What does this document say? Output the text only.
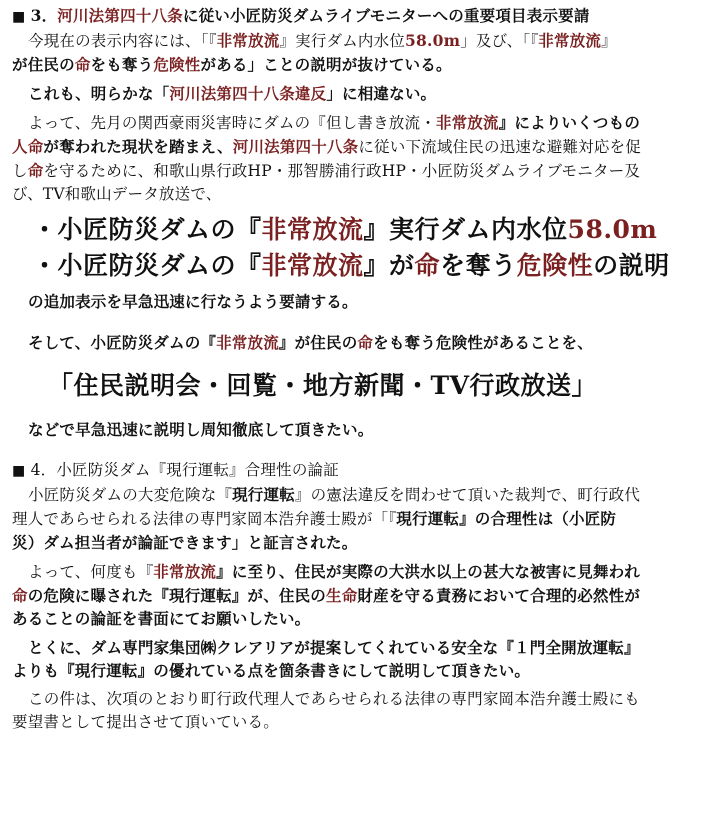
■ 3．河川法第四十八条に従い小匠防災ダムライブモニターへの重要項目表示要請
今現在の表示内容には、「『非常放流』実行ダム内水位58.0m」及び、「『非常放流』
が住民の命をも奪う危険性がある」ことの説明が抜けている。
これも、明らかな「河川法第四十八条違反」に相違ない。
よって、先月の関西豪雨災害時にダムの『但し書き放流・非常放流』によりいくつもの
人命が奪われた現状を踏まえ、河川法第四十八条に従い下流域住民の迅速な避難対応を促
し命を守るために、和歌山県行政HP・那智勝浦行政HP・小匠防災ダムライブモニター及
び、TV和歌山データ放送で、
・小匠防災ダムの『非常放流』実行ダム内水位58.0m
・小匠防災ダムの『非常放流』が命を奪う危険性の説明
の追加表示を早急迅速に行なうよう要請する。
そして、小匠防災ダムの『非常放流』が住民の命をも奪う危険性があることを、
「住民説明会・回覧・地方新聞・TV行政放送」
などで早急迅速に説明し周知徹底して頂きたい。
■ 4．小匠防災ダム『現行運転』合理性の論証
小匠防災ダムの大変危険な『現行運転』の憲法違反を問わせて頂いた裁判で、町行政代
理人であらせられる法律の専門家岡本浩弁護士殿が「『現行運転』の合理性は（小匠防
災）ダム担当者が論証できます」と証言された。
よって、何度も『非常放流』に至り、住民が実際の大洪水以上の甚大な被害に見舞われ
命の危険に曝された『現行運転』が、住民の生命財産を守る責務において合理的必然性が
あることの論証を書面にてお願いしたい。
とくに、ダム専門家集団㈱クレアリアが提案してくれている安全な『１門全開放運転』
よりも『現行運転』の優れている点を箇条書きにして説明して頂きたい。
この件は、次項のとおり町行政代理人であらせられる法律の専門家岡本浩弁護士殿にも
要望書として提出させて頂いている。
